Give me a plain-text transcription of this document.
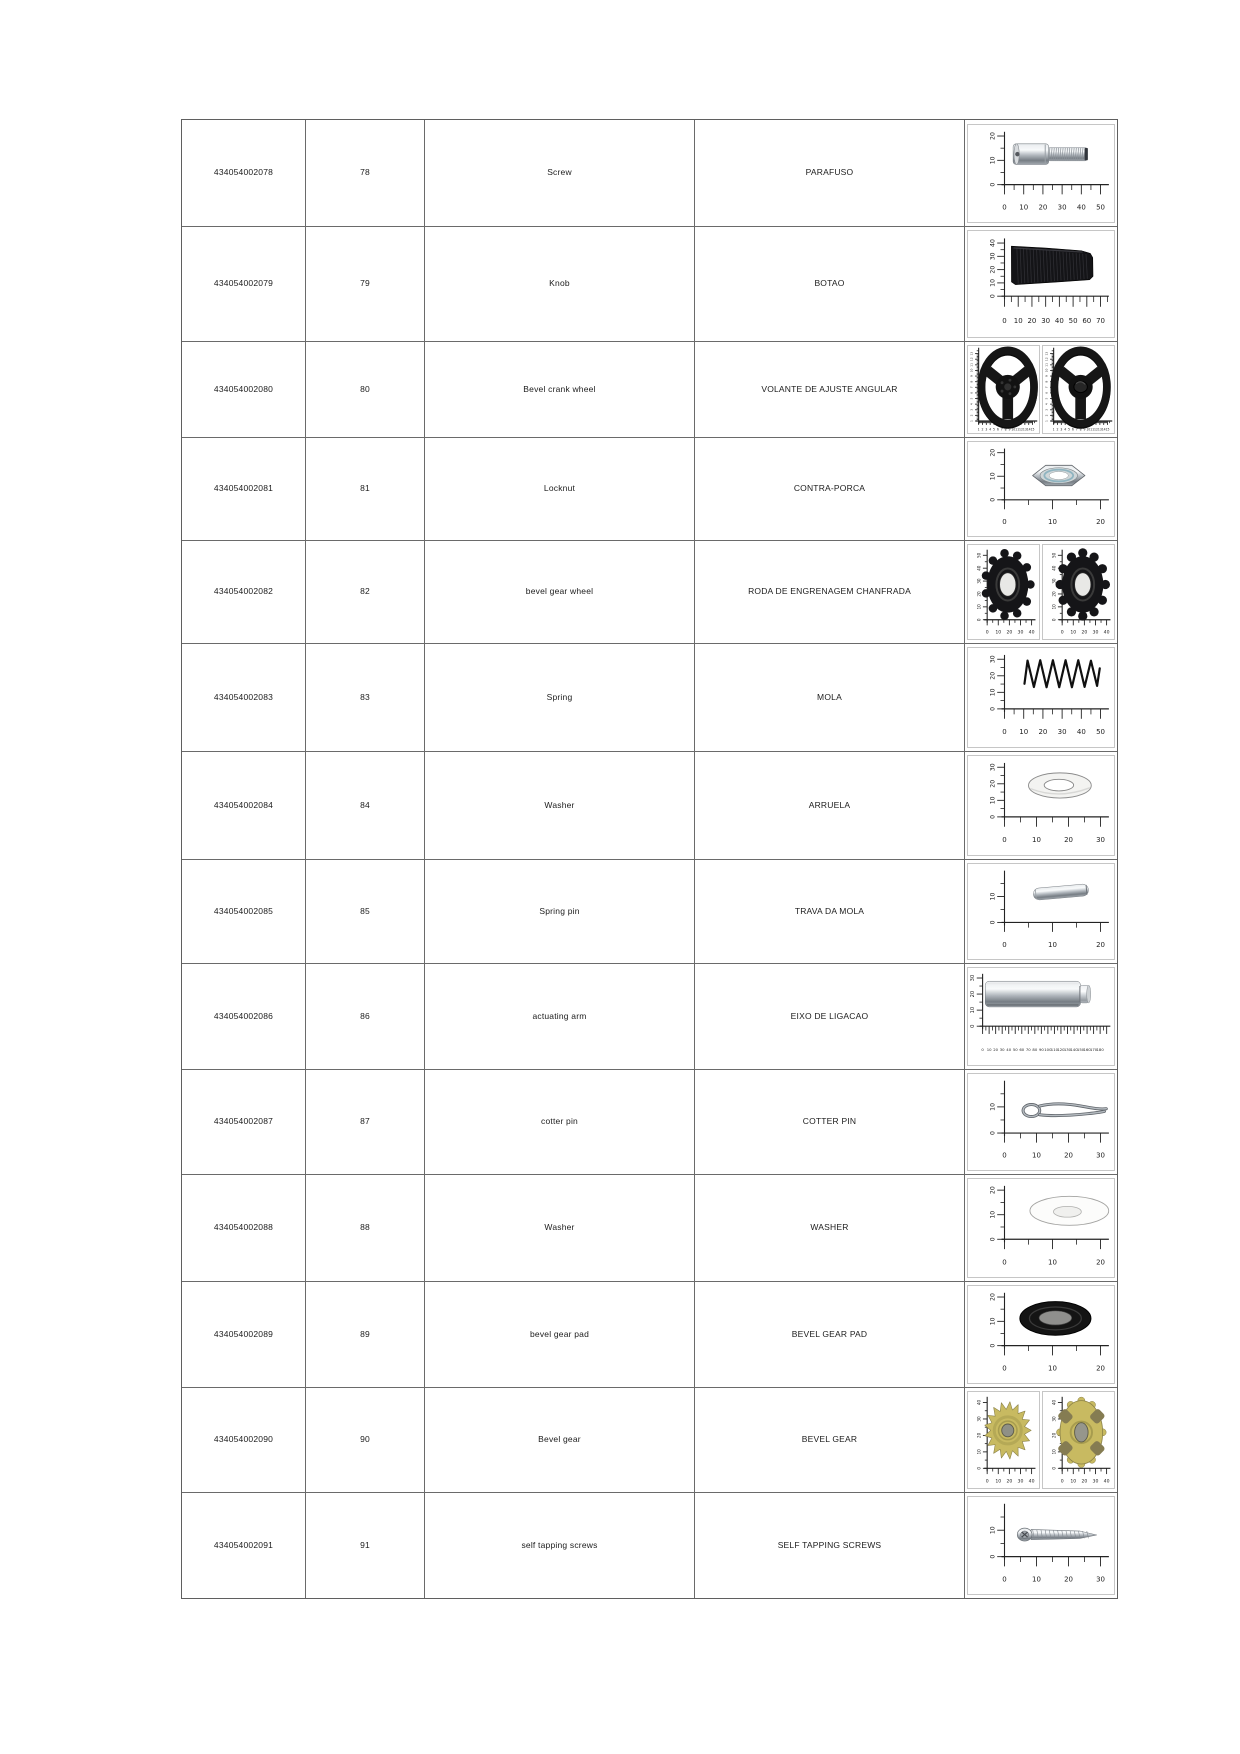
434054002078	78	Screw	PARAFUSO
20
10
0
0 10 20 30 40 50
434054002079	79	Knob	BOTAO
40
30
20
10
0
0 10 20 30 40 50 60 70
434054002080	80	Bevel crank wheel	VOLANTE DE AJUSTE ANGULAR
13
12
11
10
9
8
7
6
5
4
3
2
1
1 2 3 4 5 6 7 8 9 10 11 12 13 14 15
13
12
11
10
9
8
7
6
5
4
3
2
1
1 2 3 4 5 6 7 8 9 10 11 12 13 14 15
434054002081	81	Locknut	CONTRA-PORCA
20
10
0
0	10	20
434054002082	82	bevel gear wheel	RODA DE ENGRENAGEM CHANFRADA
50
40
30
20
10
0
0 10 20 30 40
50
40
30
20
10
0
0 10 20 30 40
434054002083	83	Spring	MOLA
30
20
10
0
0 10 20 30 40 50
434054002084	84	Washer	ARRUELA
30
20
10
0
0	10	20	30
434054002085	85	Spring pin	TRAVA DA MOLA
10
0
0	10	20
434054002086	86	actuating arm	EIXO DE LIGACAO
30
20
10
0
0 10 20 30 40 50 60 70 80 90 100 110 120 130 140 150 160 170 180
434054002087	87	cotter pin	COTTER PIN
10
0
0	10	20	30
434054002088	88	Washer	WASHER
20
10
0
0	10	20
434054002089	89	bevel gear pad	BEVEL GEAR PAD
20
10
0
0	10	20
434054002090	90	Bevel gear	BEVEL GEAR
40
30
20
10
0
0 10 20 30 40
40
30
20
10
0
0 10 20 30 40
434054002091	91	self tapping screws	SELF TAPPING SCREWS
10
0
0	10	20	30
